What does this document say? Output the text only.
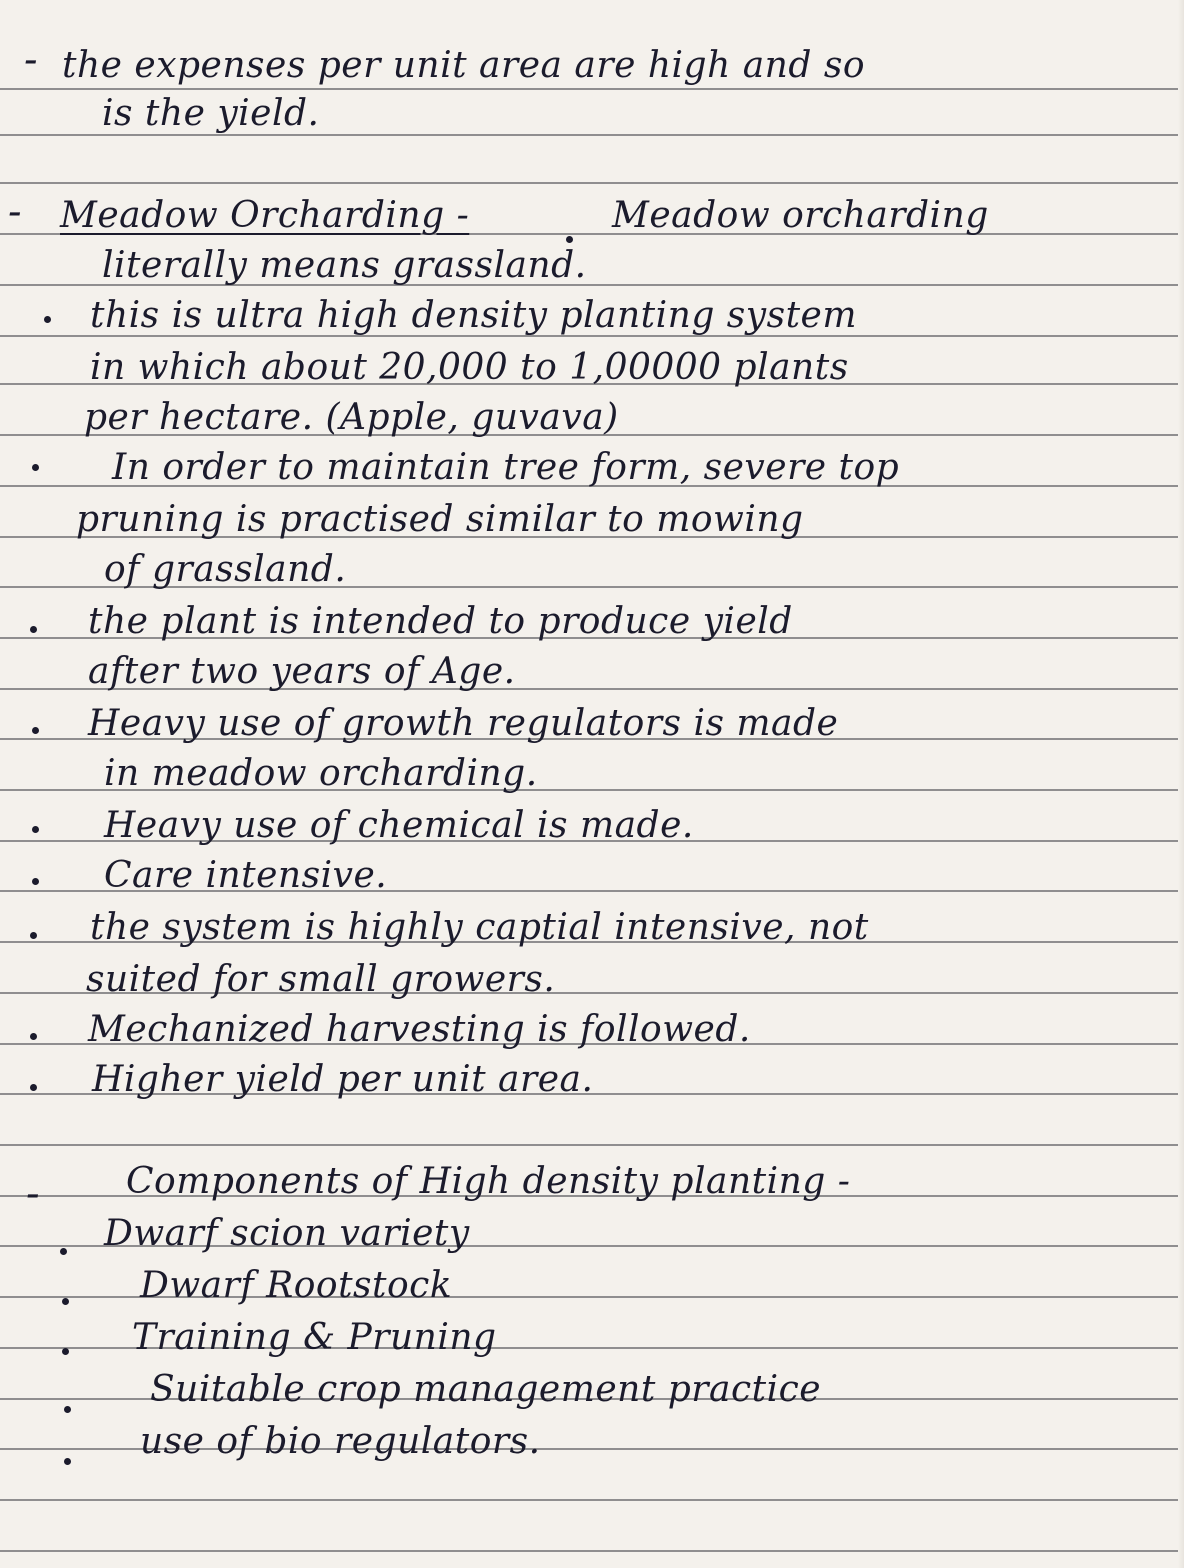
-
-
-
the expenses per unit area are high and so
is the yield.
Meadow Orcharding -	Meadow orcharding
literally means grassland.
this is ultra high density planting system
in which about 20,000 to 1,00000 plants
per hectare. (Apple, guvava)
In order to maintain tree form, severe top
pruning is practised similar to mowing
of grassland.
the plant is intended to produce yield
after two years of Age.
Heavy use of growth regulators is made
in meadow orcharding.
Heavy use of chemical is made.
Care intensive.
the system is highly captial intensive, not
suited for small growers.
Mechanized harvesting is followed.
Higher yield per unit area.
Components of High density planting -
Dwarf scion variety
Dwarf Rootstock
Training & Pruning
Suitable crop management practice
use of bio regulators.
